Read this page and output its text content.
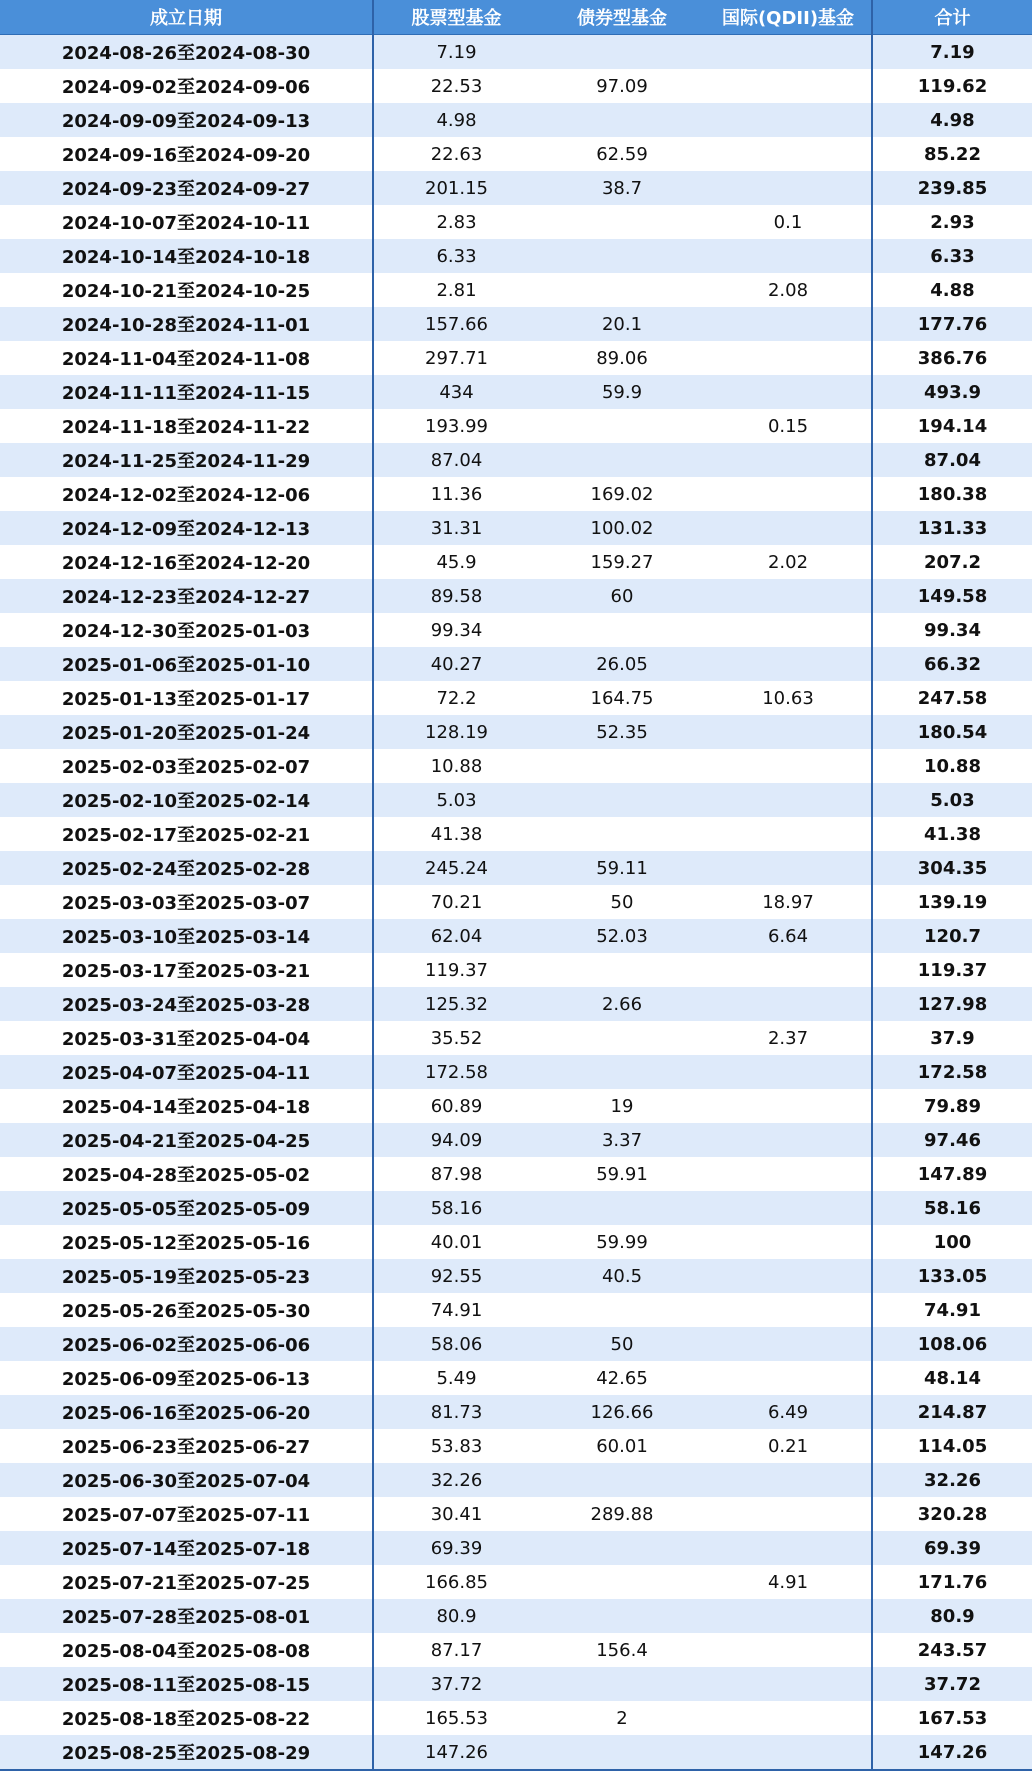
成立日期	股票型基金	债券型基金	国际(QDII)基金	合计
2024-08-26至2024-08-30	7.19			7.19
2024-09-02至2024-09-06	22.53	97.09		119.62
2024-09-09至2024-09-13	4.98			4.98
2024-09-16至2024-09-20	22.63	62.59		85.22
2024-09-23至2024-09-27	201.15	38.7		239.85
2024-10-07至2024-10-11	2.83		0.1	2.93
2024-10-14至2024-10-18	6.33			6.33
2024-10-21至2024-10-25	2.81		2.08	4.88
2024-10-28至2024-11-01	157.66	20.1		177.76
2024-11-04至2024-11-08	297.71	89.06		386.76
2024-11-11至2024-11-15	434	59.9		493.9
2024-11-18至2024-11-22	193.99		0.15	194.14
2024-11-25至2024-11-29	87.04			87.04
2024-12-02至2024-12-06	11.36	169.02		180.38
2024-12-09至2024-12-13	31.31	100.02		131.33
2024-12-16至2024-12-20	45.9	159.27	2.02	207.2
2024-12-23至2024-12-27	89.58	60		149.58
2024-12-30至2025-01-03	99.34			99.34
2025-01-06至2025-01-10	40.27	26.05		66.32
2025-01-13至2025-01-17	72.2	164.75	10.63	247.58
2025-01-20至2025-01-24	128.19	52.35		180.54
2025-02-03至2025-02-07	10.88			10.88
2025-02-10至2025-02-14	5.03			5.03
2025-02-17至2025-02-21	41.38			41.38
2025-02-24至2025-02-28	245.24	59.11		304.35
2025-03-03至2025-03-07	70.21	50	18.97	139.19
2025-03-10至2025-03-14	62.04	52.03	6.64	120.7
2025-03-17至2025-03-21	119.37			119.37
2025-03-24至2025-03-28	125.32	2.66		127.98
2025-03-31至2025-04-04	35.52		2.37	37.9
2025-04-07至2025-04-11	172.58			172.58
2025-04-14至2025-04-18	60.89	19		79.89
2025-04-21至2025-04-25	94.09	3.37		97.46
2025-04-28至2025-05-02	87.98	59.91		147.89
2025-05-05至2025-05-09	58.16			58.16
2025-05-12至2025-05-16	40.01	59.99		100
2025-05-19至2025-05-23	92.55	40.5		133.05
2025-05-26至2025-05-30	74.91			74.91
2025-06-02至2025-06-06	58.06	50		108.06
2025-06-09至2025-06-13	5.49	42.65		48.14
2025-06-16至2025-06-20	81.73	126.66	6.49	214.87
2025-06-23至2025-06-27	53.83	60.01	0.21	114.05
2025-06-30至2025-07-04	32.26			32.26
2025-07-07至2025-07-11	30.41	289.88		320.28
2025-07-14至2025-07-18	69.39			69.39
2025-07-21至2025-07-25	166.85		4.91	171.76
2025-07-28至2025-08-01	80.9			80.9
2025-08-04至2025-08-08	87.17	156.4		243.57
2025-08-11至2025-08-15	37.72			37.72
2025-08-18至2025-08-22	165.53	2		167.53
2025-08-25至2025-08-29	147.26			147.26
